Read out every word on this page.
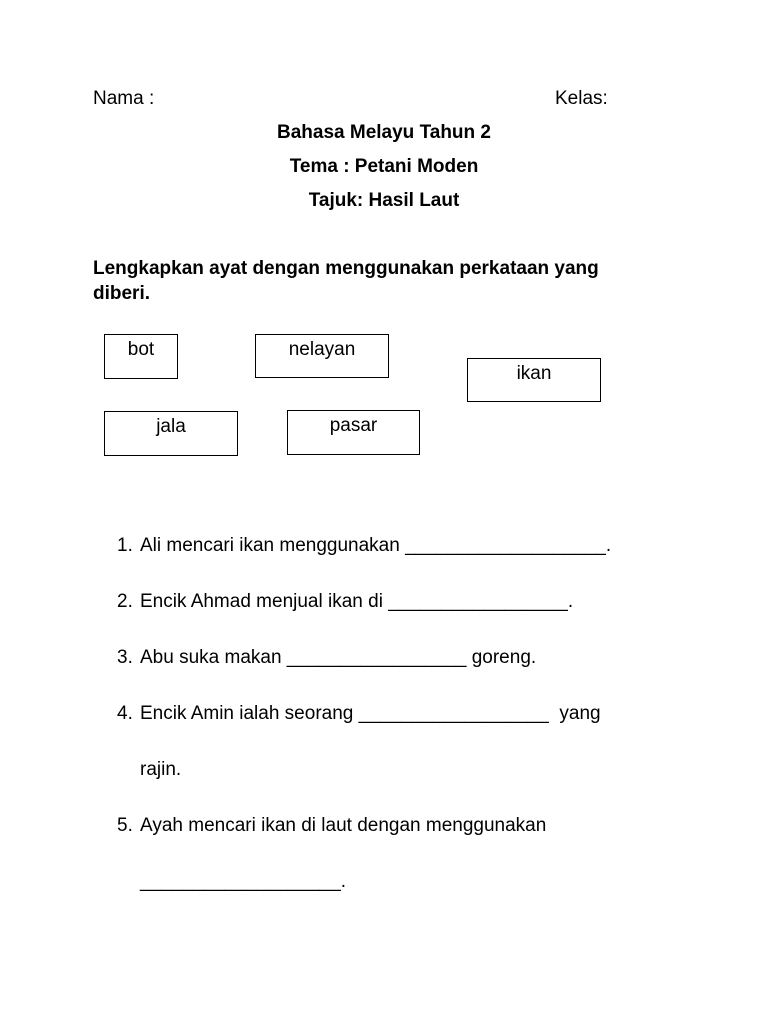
Nama :	Kelas:
Bahasa Melayu Tahun 2
Tema : Petani Moden
Tajuk: Hasil Laut
Lengkapkan ayat dengan menggunakan perkataan yang
diberi.
bot	nelayan
ikan
jala	pasar
1. Ali mencari ikan menggunakan ___________________.
2. Encik Ahmad menjual ikan di _________________.
3. Abu suka makan _________________ goreng.
4. Encik Amin ialah seorang __________________  yang
rajin.
5. Ayah mencari ikan di laut dengan menggunakan
___________________.
